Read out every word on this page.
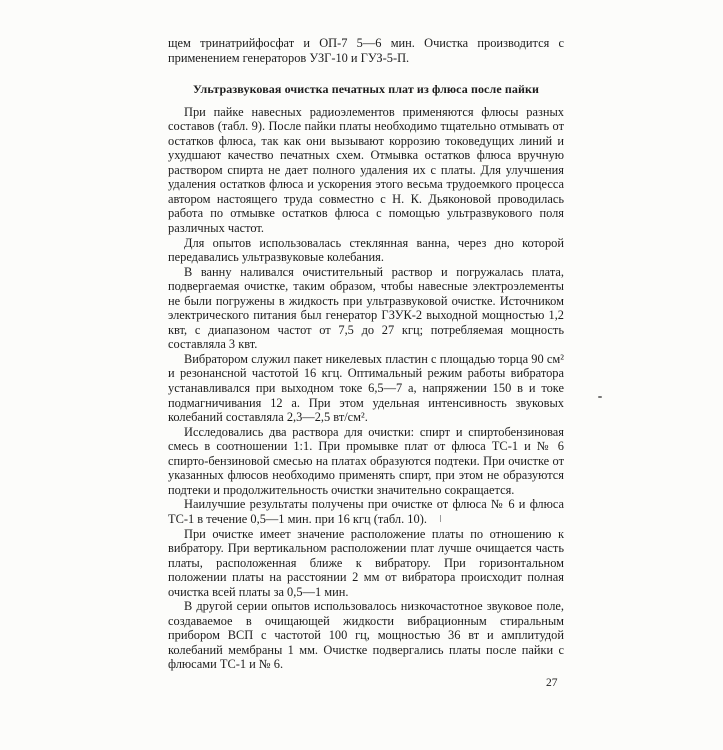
щем тринатрийфосфат и ОП-7 5—6 мин. Очистка производится с применением генераторов УЗГ-10 и ГУЗ-5-П.

Ультразвуковая очистка печатных плат из флюса после пайки

При пайке навесных радиоэлементов применяются флюсы разных составов (табл. 9). После пайки платы необходимо тщательно отмывать от остатков флюса, так как они вызывают коррозию токоведущих линий и ухудшают качество печатных схем. Отмывка остатков флюса вручную раствором спирта не дает полного удаления их с платы. Для улучшения удаления остатков флюса и ускорения этого весьма трудоемкого процесса автором настоящего труда совместно с Н. К. Дьяконовой проводилась работа по отмывке остатков флюса с помощью ультразвукового поля различных частот.

Для опытов использовалась стеклянная ванна, через дно которой передавались ультразвуковые колебания.

В ванну наливался очистительный раствор и погружалась плата, подвергаемая очистке, таким образом, чтобы навесные электроэлементы не были погружены в жидкость при ультразвуковой очистке. Источником электрического питания был генератор ГЗУК-2 выходной мощностью 1,2 квт, с диапазоном частот от 7,5 до 27 кгц; потребляемая мощность составляла 3 квт.

Вибратором служил пакет никелевых пластин с площадью торца 90 см² и резонансной частотой 16 кгц. Оптимальный режим работы вибратора устанавливался при выходном токе 6,5—7 а, напряжении 150 в и токе подмагничивания 12 а. При этом удельная интенсивность звуковых колебаний составляла 2,3—2,5 вт/см².

Исследовались два раствора для очистки: спирт и спиртобензиновая смесь в соотношении 1:1. При промывке плат от флюса ТС-1 и № 6 спирто-бензиновой смесью на платах образуются подтеки. При очистке от указанных флюсов необходимо применять спирт, при этом не образуются подтеки и продолжительность очистки значительно сокращается.

Наилучшие результаты получены при очистке от флюса № 6 и флюса ТС-1 в течение 0,5—1 мин. при 16 кгц (табл. 10).

При очистке имеет значение расположение платы по отношению к вибратору. При вертикальном расположении плат лучше очищается часть платы, расположенная ближе к вибратору. При горизонтальном положении платы на расстоянии 2 мм от вибратора происходит полная очистка всей платы за 0,5—1 мин.

В другой серии опытов использовалось низкочастотное звуковое поле, создаваемое в очищающей жидкости вибрационным стиральным прибором ВСП с частотой 100 гц, мощностью 36 вт и амплитудой колебаний мембраны 1 мм. Очистке подвергались платы после пайки с флюсами ТС-1 и № 6.

27
